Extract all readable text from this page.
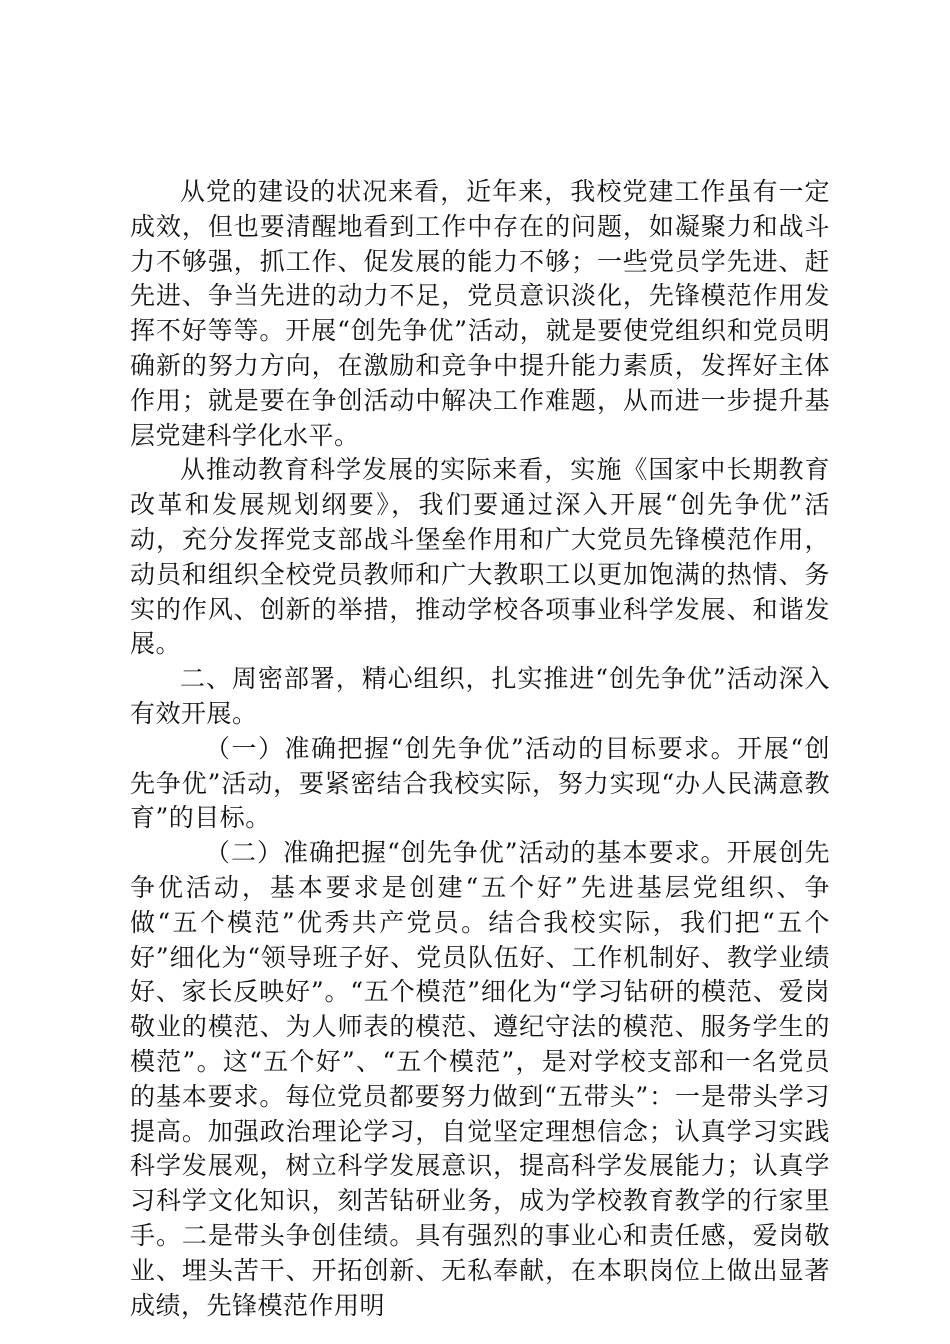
从党的建设的状况来看，近年来，我校党建工作虽有一定成效，但也要清醒地看到工作中存在的问题，如凝聚力和战斗力不够强，抓工作、促发展的能力不够；一些党员学先进、赶先进、争当先进的动力不足，党员意识淡化，先锋模范作用发挥不好等等。开展“创先争优”活动，就是要使党组织和党员明确新的努力方向，在激励和竞争中提升能力素质，发挥好主体作用；就是要在争创活动中解决工作难题，从而进一步提升基层党建科学化水平。

从推动教育科学发展的实际来看，实施《国家中长期教育改革和发展规划纲要》，我们要通过深入开展“创先争优”活动，充分发挥党支部战斗堡垒作用和广大党员先锋模范作用，动员和组织全校党员教师和广大教职工以更加饱满的热情、务实的作风、创新的举措，推动学校各项事业科学发展、和谐发展。

二、周密部署，精心组织，扎实推进“创先争优”活动深入有效开展。

（一）准确把握“创先争优”活动的目标要求。开展“创先争优”活动，要紧密结合我校实际，努力实现“办人民满意教育”的目标。

（二）准确把握“创先争优”活动的基本要求。开展创先争优活动，基本要求是创建“五个好”先进基层党组织、争做“五个模范”优秀共产党员。结合我校实际，我们把“五个好”细化为“领导班子好、党员队伍好、工作机制好、教学业绩好、家长反映好”。“五个模范”细化为“学习钻研的模范、爱岗敬业的模范、为人师表的模范、遵纪守法的模范、服务学生的模范”。这“五个好”、“五个模范”，是对学校支部和一名党员的基本要求。每位党员都要努力做到“五带头”：一是带头学习提高。加强政治理论学习，自觉坚定理想信念；认真学习实践科学发展观，树立科学发展意识，提高科学发展能力；认真学习科学文化知识，刻苦钻研业务，成为学校教育教学的行家里手。二是带头争创佳绩。具有强烈的事业心和责任感，爱岗敬业、埋头苦干、开拓创新、无私奉献，在本职岗位上做出显著成绩，先锋模范作用明
